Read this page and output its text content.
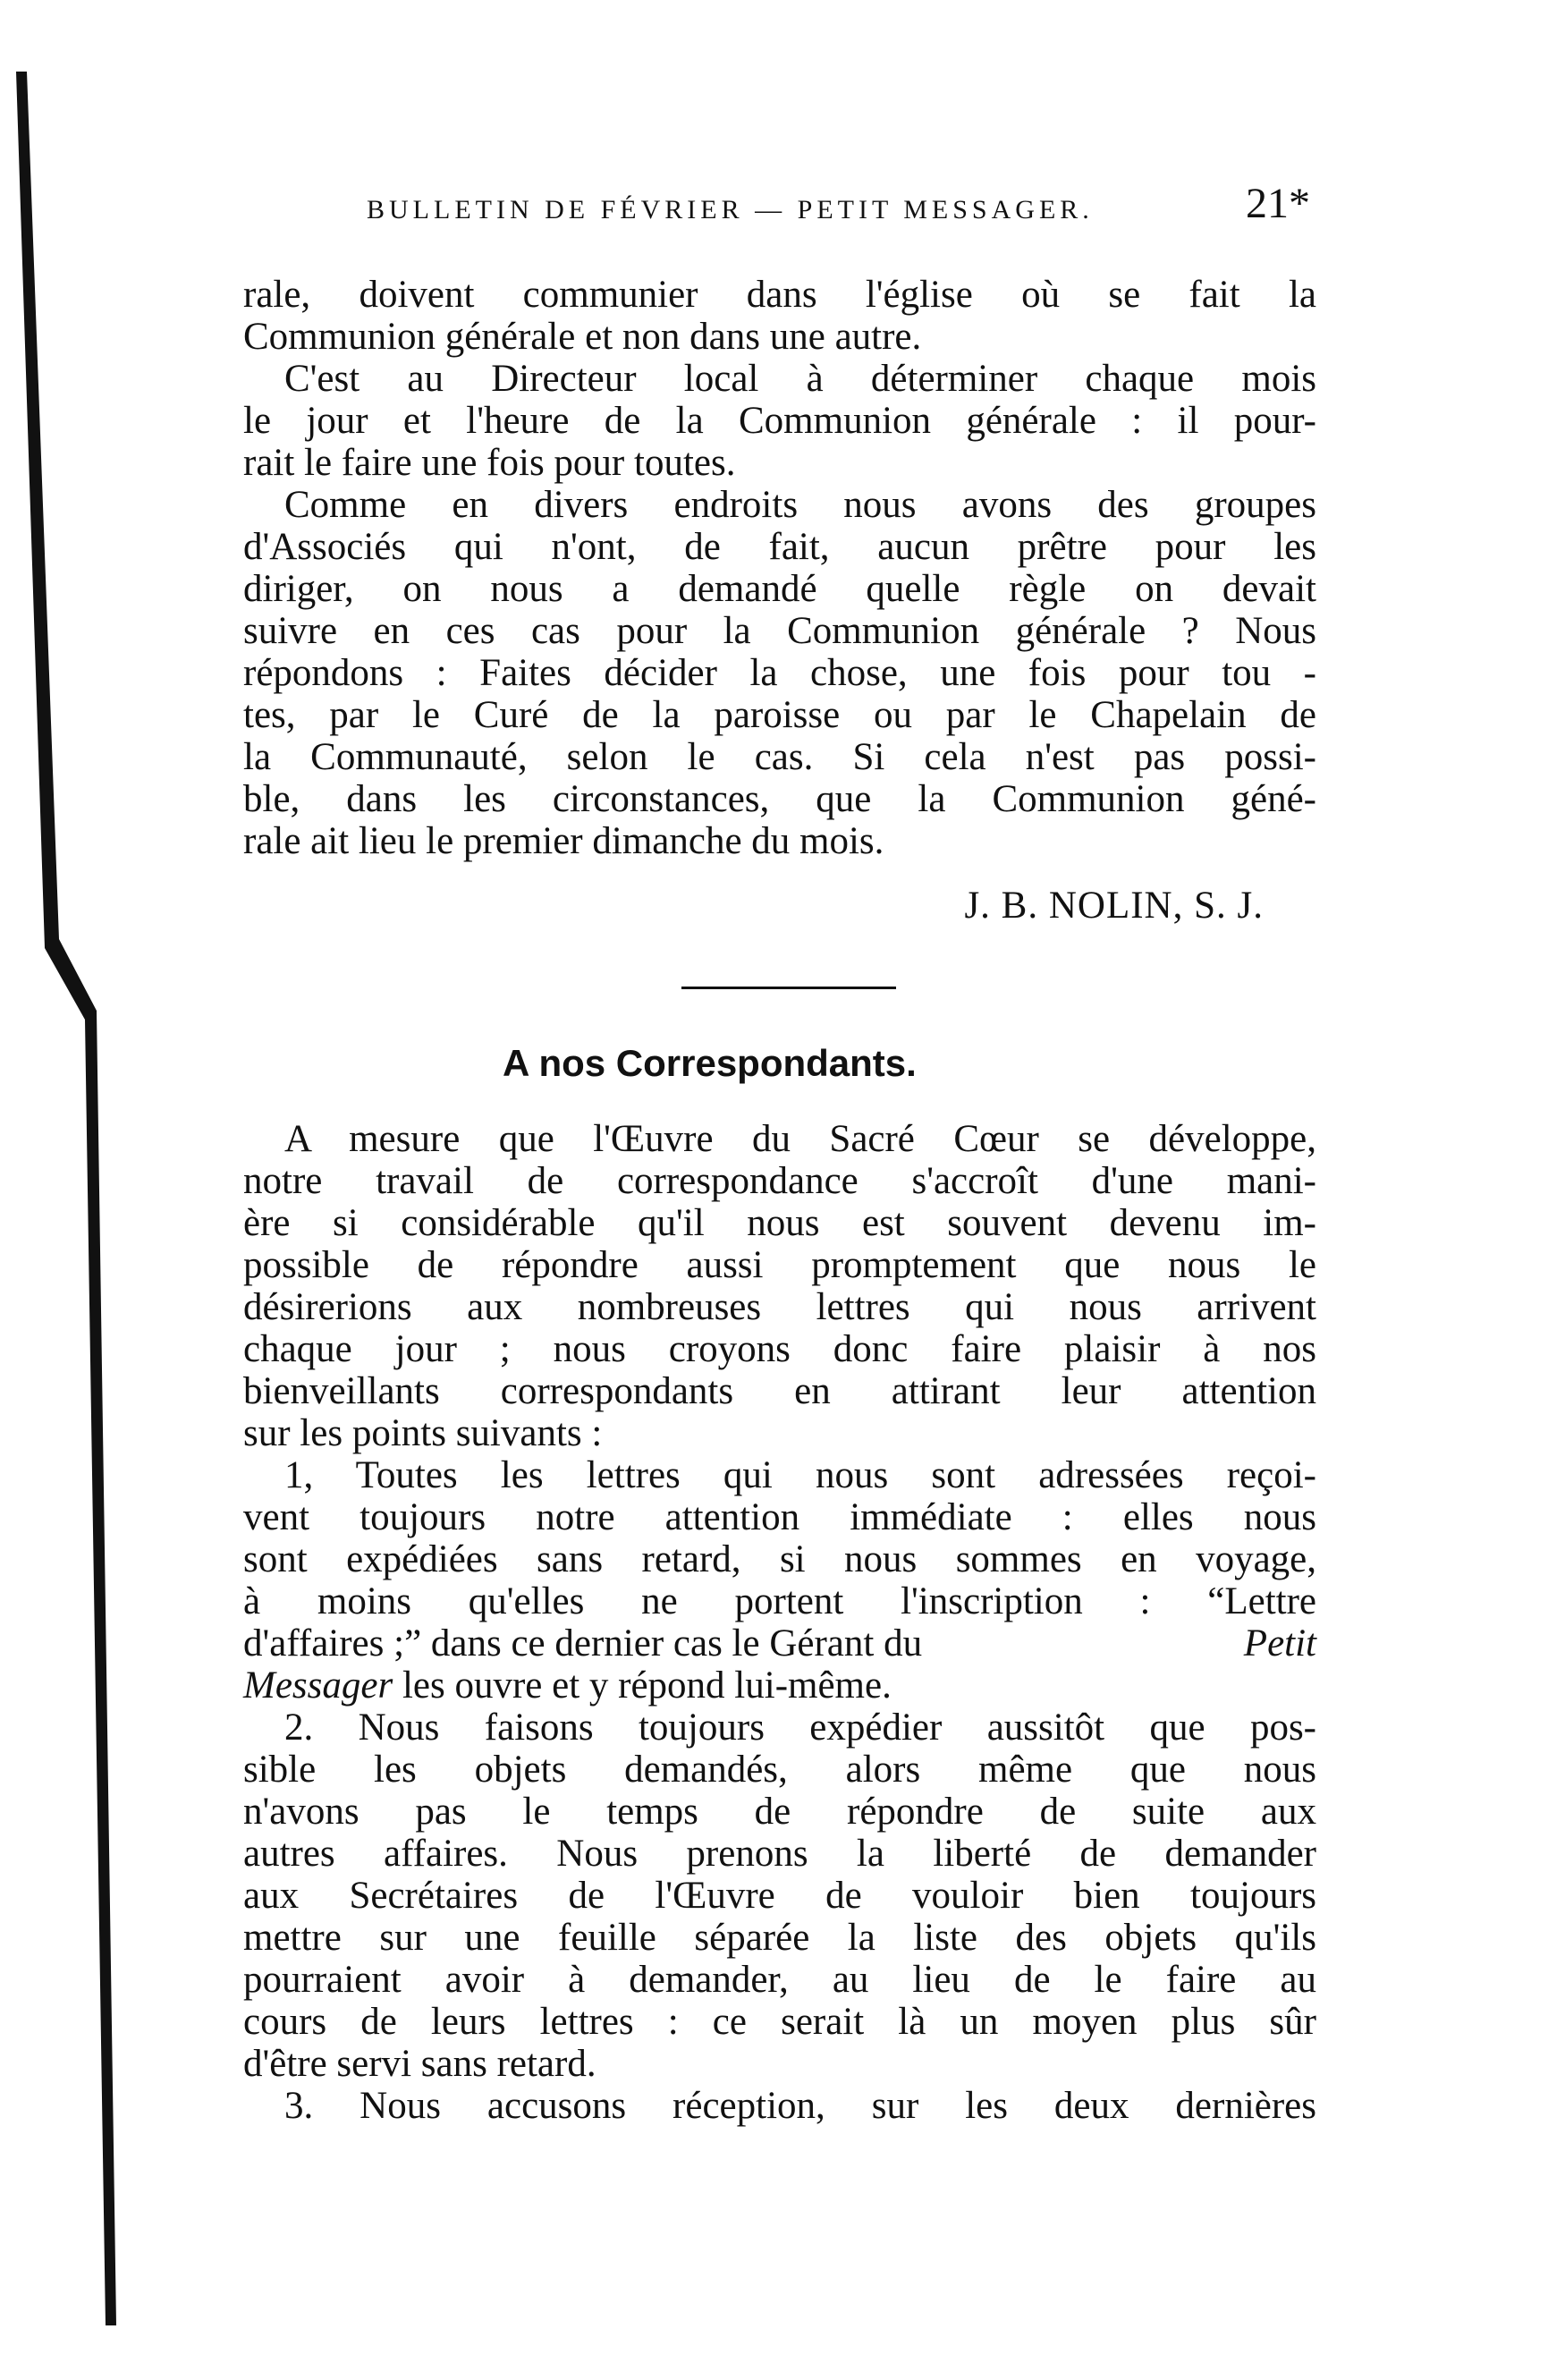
BULLETIN DE FÉVRIER — PETIT MESSAGER.	21*
rale, doivent communier dans l'église où se fait la
Communion générale et non dans une autre.
C'est au Directeur local à déterminer chaque mois
le jour et l'heure de la Communion générale : il pour-
rait le faire une fois pour toutes.
Comme en divers endroits nous avons des groupes
d'Associés qui n'ont, de fait, aucun prêtre pour les
diriger, on nous a demandé quelle règle on devait
suivre en ces cas pour la Communion générale ? Nous
répondons : Faites décider la chose, une fois pour tou -
tes, par le Curé de la paroisse ou par le Chapelain de
la Communauté, selon le cas. Si cela n'est pas possi-
ble, dans les circonstances, que la Communion géné-
rale ait lieu le premier dimanche du mois.
J. B. NOLIN, S. J.
A nos Correspondants.
A mesure que l'Œuvre du Sacré Cœur se développe,
notre travail de correspondance s'accroît d'une mani-
ère si considérable qu'il nous est souvent devenu im-
possible de répondre aussi promptement que nous le
désirerions aux nombreuses lettres qui nous arrivent
chaque jour ; nous croyons donc faire plaisir à nos
bienveillants correspondants en attirant leur attention
sur les points suivants :
1, Toutes les lettres qui nous sont adressées reçoi-
vent toujours notre attention immédiate : elles nous
sont expédiées sans retard, si nous sommes en voyage,
à moins qu'elles ne portent l'inscription : “Lettre
d'affaires ;” dans ce dernier cas le Gérant du	Petit
Messager les ouvre et y répond lui-même.
2. Nous faisons toujours expédier aussitôt que pos-
sible les objets demandés, alors même que nous
n'avons pas le temps de répondre de suite aux
autres affaires. Nous prenons la liberté de demander
aux Secrétaires de l'Œuvre de vouloir bien toujours
mettre sur une feuille séparée la liste des objets qu'ils
pourraient avoir à demander, au lieu de le faire au
cours de leurs lettres : ce serait là un moyen plus sûr
d'être servi sans retard.
3. Nous accusons réception, sur les deux dernières
